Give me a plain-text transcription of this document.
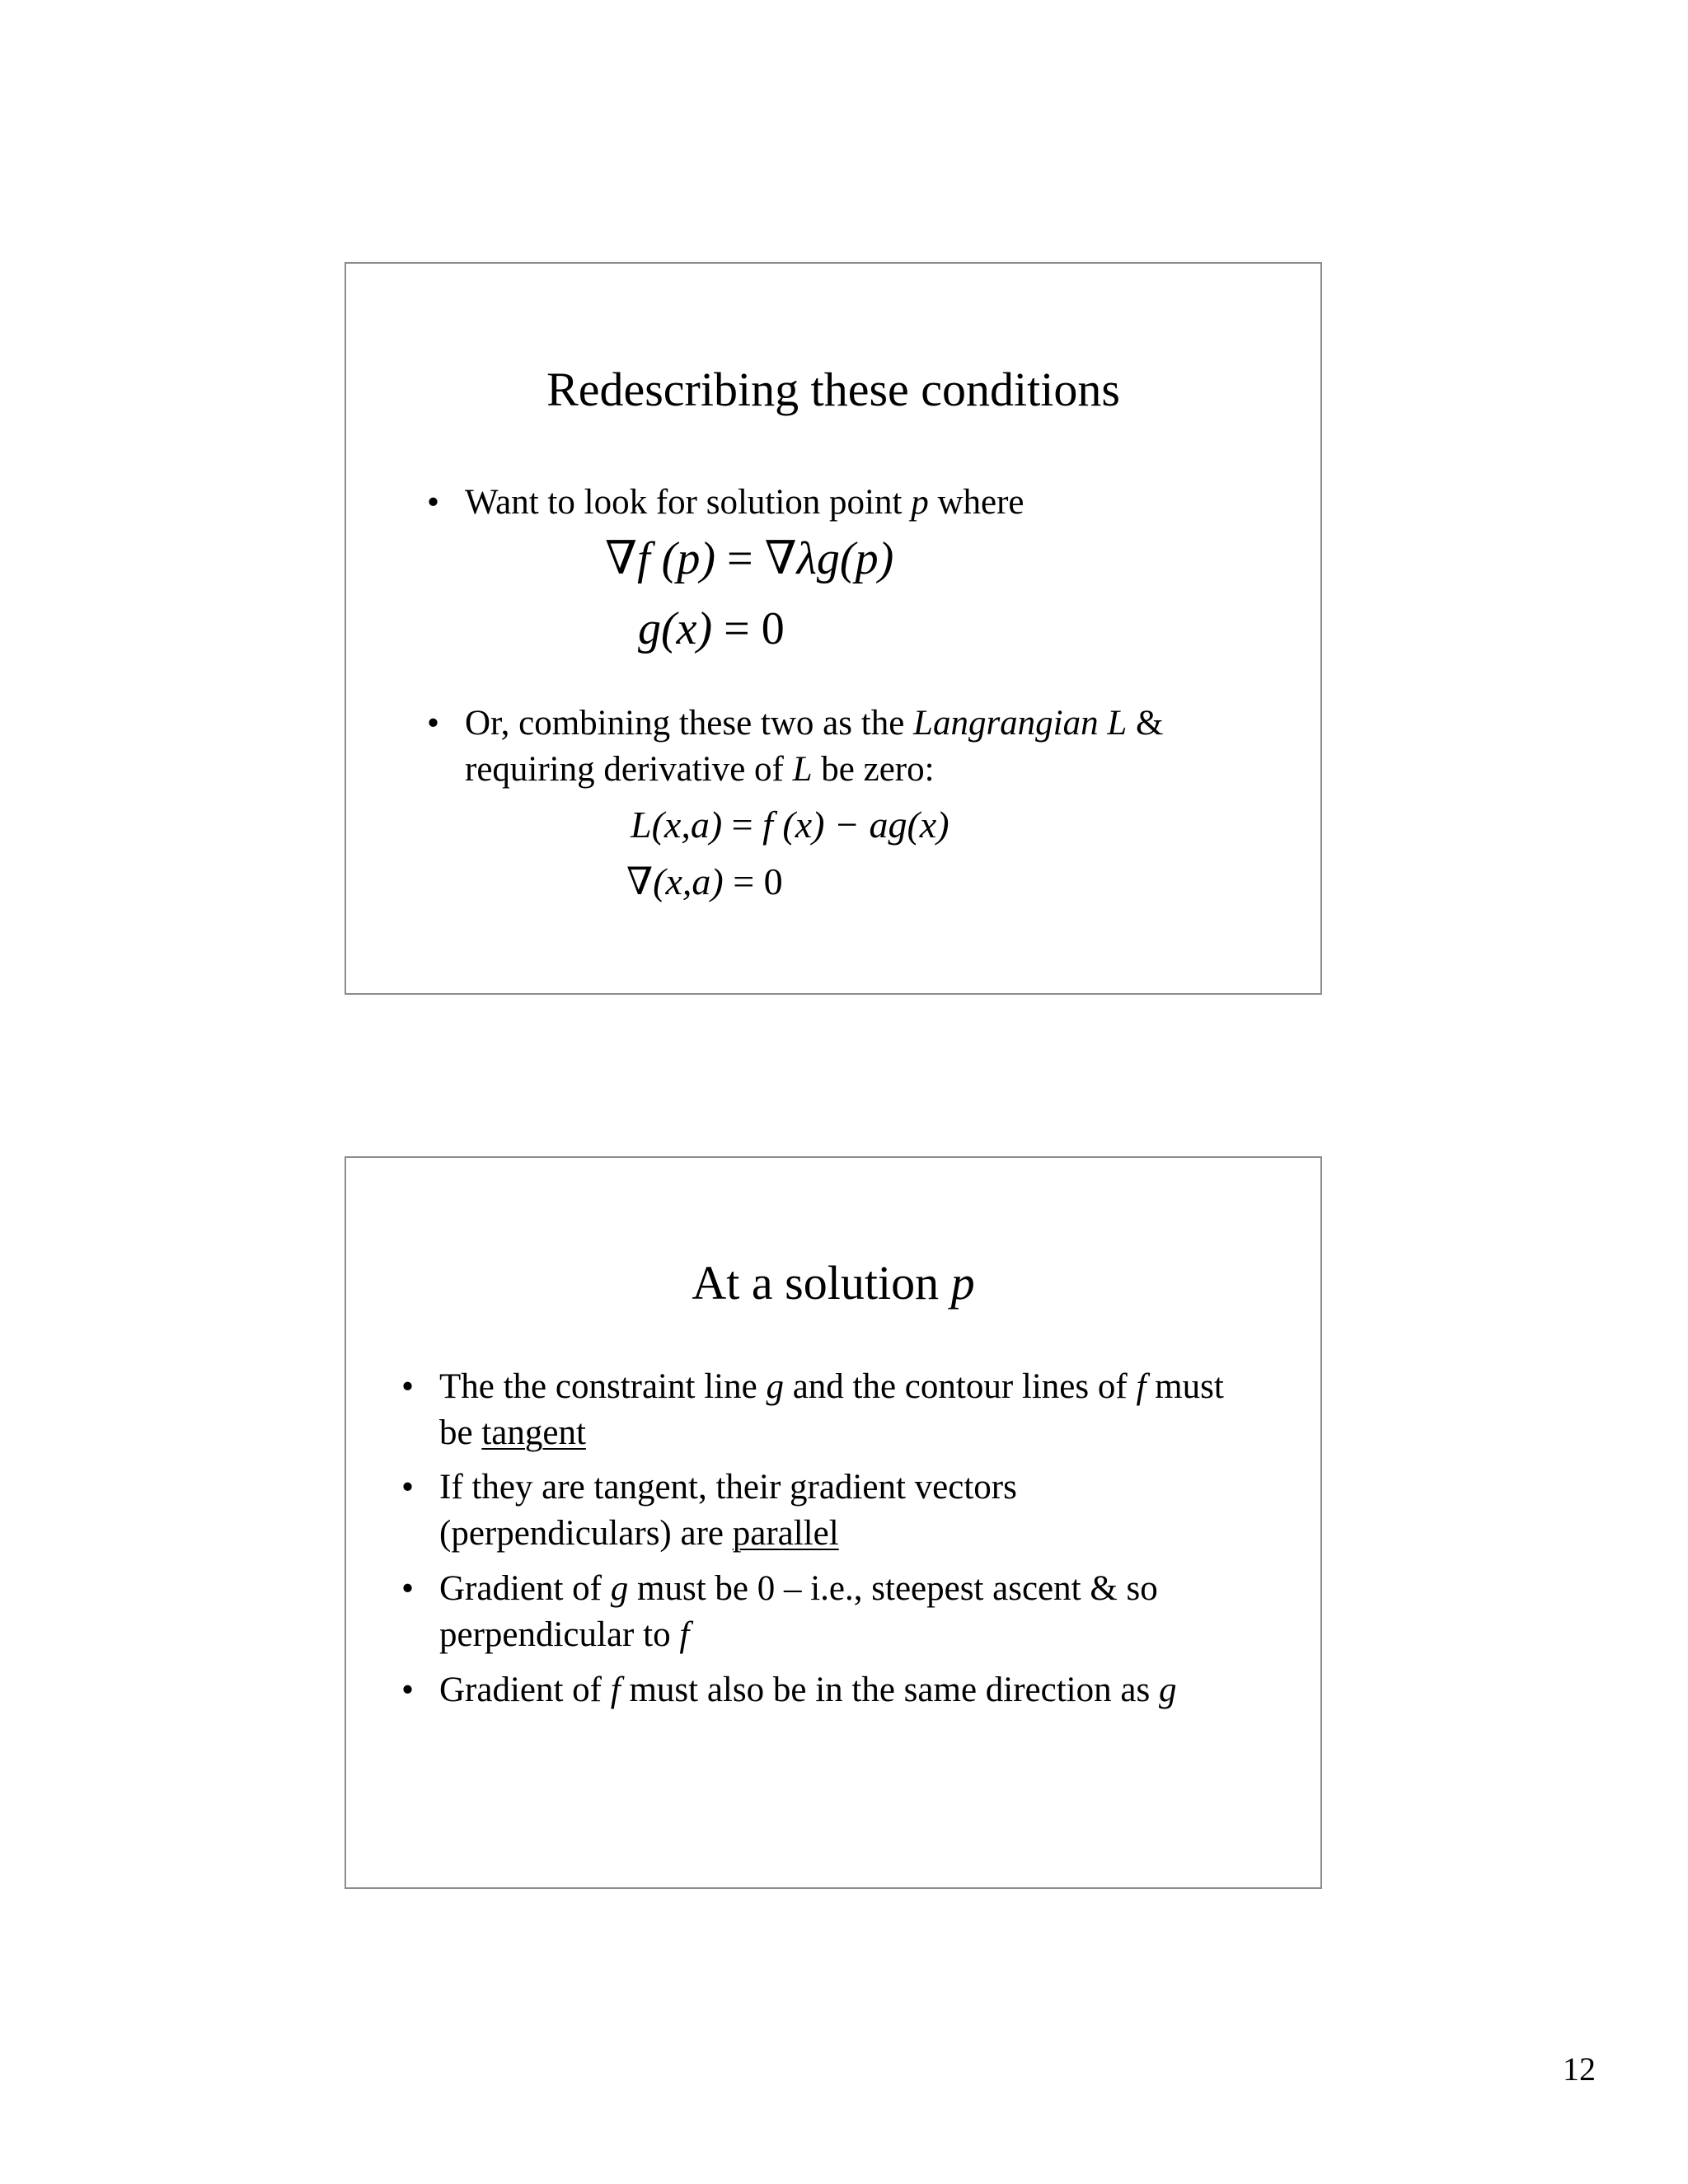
Redescribing these conditions
• Want to look for solution point p where
∇f (p) = ∇λg(p)
g(x) = 0
• Or, combining these two as the Langrangian L &
requiring derivative of L be zero:
L(x,a) = f (x) − ag(x)
∇(x,a) = 0
At a solution p
• The the constraint line g and the contour lines of f must
be tangent
• If they are tangent, their gradient vectors
(perpendiculars) are parallel
• Gradient of g must be 0 – i.e., steepest ascent & so
perpendicular to f
• Gradient of f must also be in the same direction as g
12
